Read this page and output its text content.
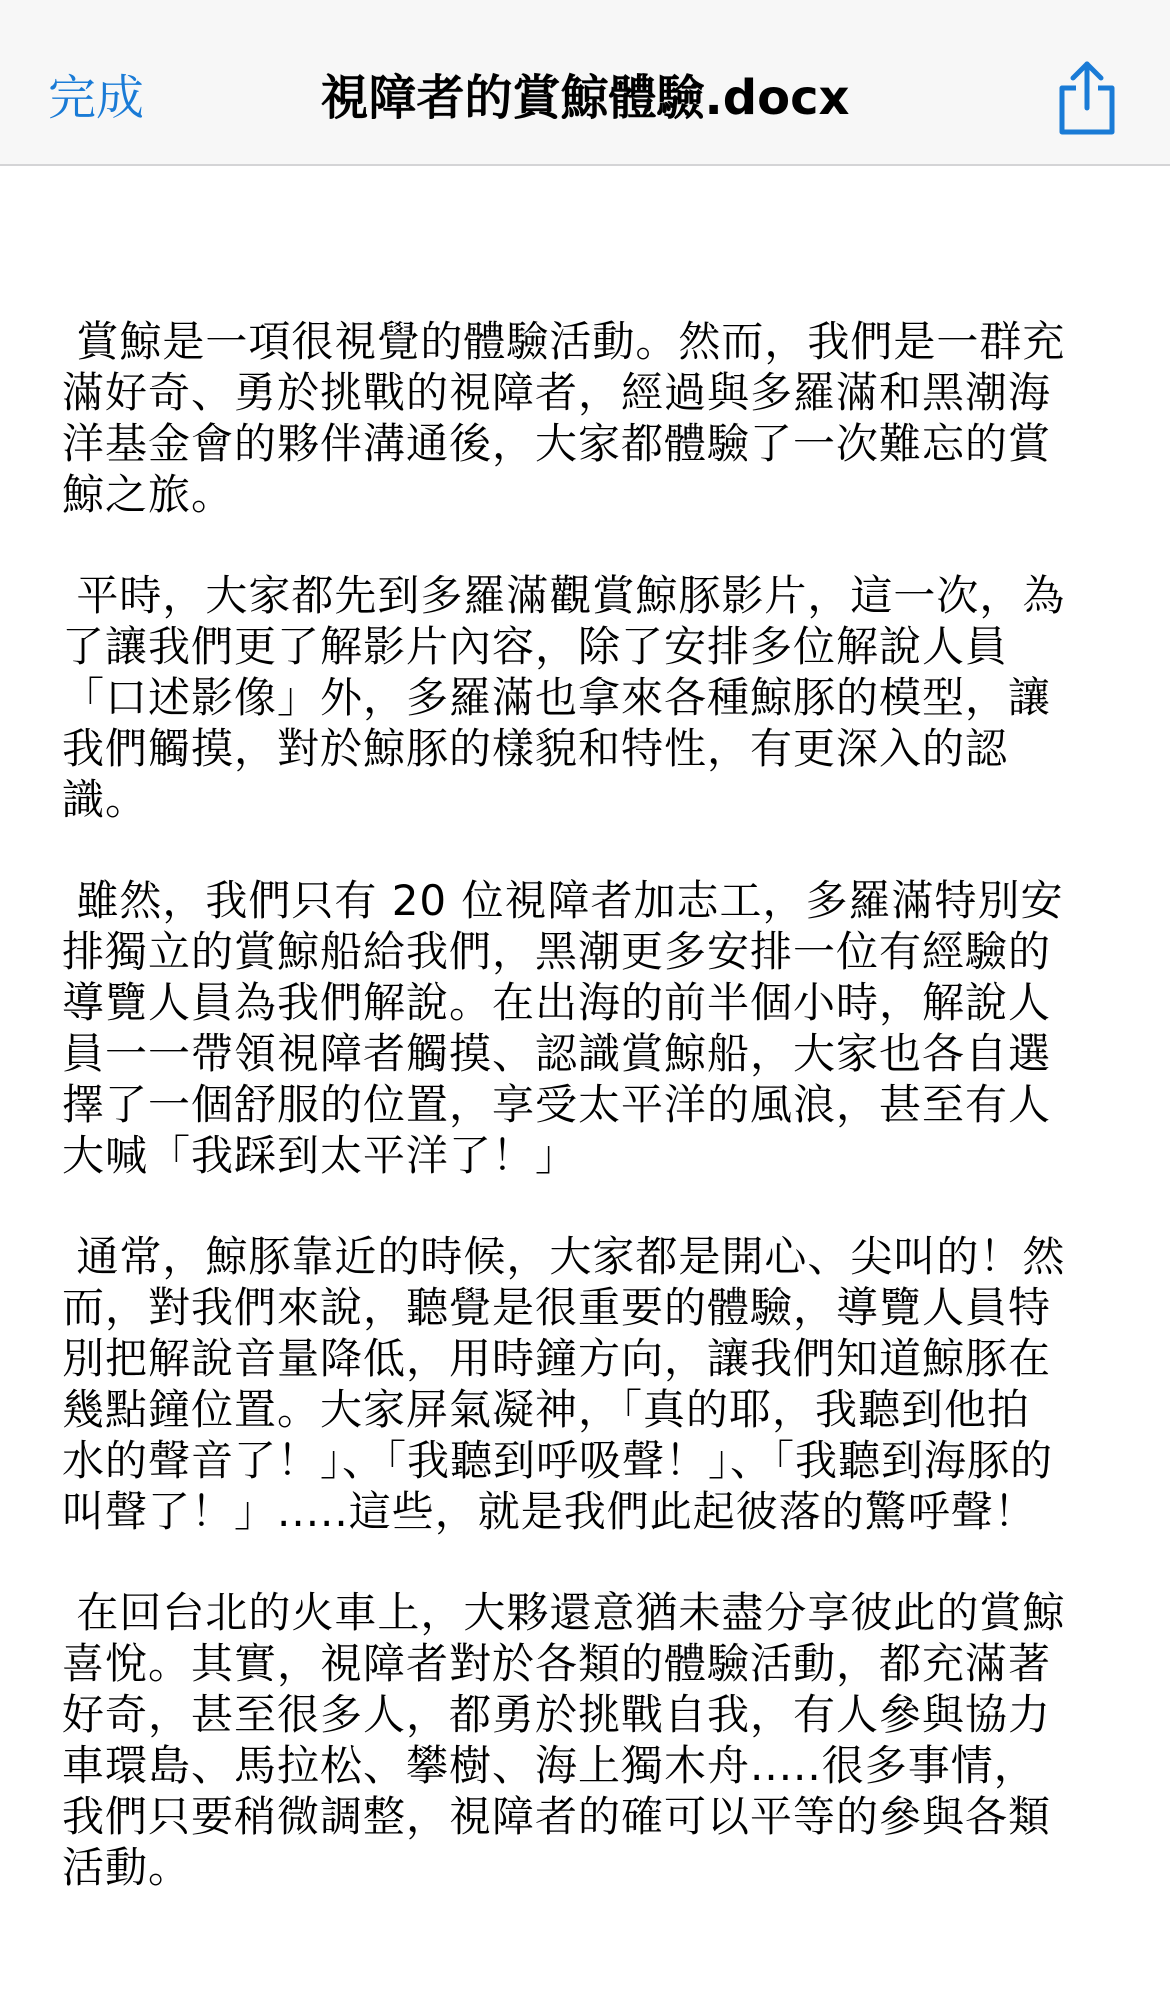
完成	視障者的賞鯨體驗.docx

賞鯨是一項很視覺的體驗活動。然而，我們是一群充滿好奇、勇於挑戰的視障者，經過與多羅滿和黑潮海洋基金會的夥伴溝通後，大家都體驗了一次難忘的賞鯨之旅。

平時，大家都先到多羅滿觀賞鯨豚影片，這一次，為了讓我們更了解影片內容，除了安排多位解說人員「口述影像」外，多羅滿也拿來各種鯨豚的模型，讓我們觸摸，對於鯨豚的樣貌和特性，有更深入的認識。

雖然，我們只有 20 位視障者加志工，多羅滿特別安排獨立的賞鯨船給我們，黑潮更多安排一位有經驗的導覽人員為我們解說。在出海的前半個小時，解說人員一一帶領視障者觸摸、認識賞鯨船，大家也各自選擇了一個舒服的位置，享受太平洋的風浪，甚至有人大喊「我踩到太平洋了！」

通常，鯨豚靠近的時候，大家都是開心、尖叫的！然而，對我們來說，聽覺是很重要的體驗，導覽人員特別把解說音量降低，用時鐘方向，讓我們知道鯨豚在幾點鐘位置。大家屏氣凝神，「真的耶，我聽到他拍水的聲音了！」、「我聽到呼吸聲！」、「我聽到海豚的叫聲了！」.....這些，就是我們此起彼落的驚呼聲！

在回台北的火車上，大夥還意猶未盡分享彼此的賞鯨喜悅。其實，視障者對於各類的體驗活動，都充滿著好奇，甚至很多人，都勇於挑戰自我，有人參與協力車環島、馬拉松、攀樹、海上獨木舟.....很多事情，我們只要稍微調整，視障者的確可以平等的參與各類活動。
